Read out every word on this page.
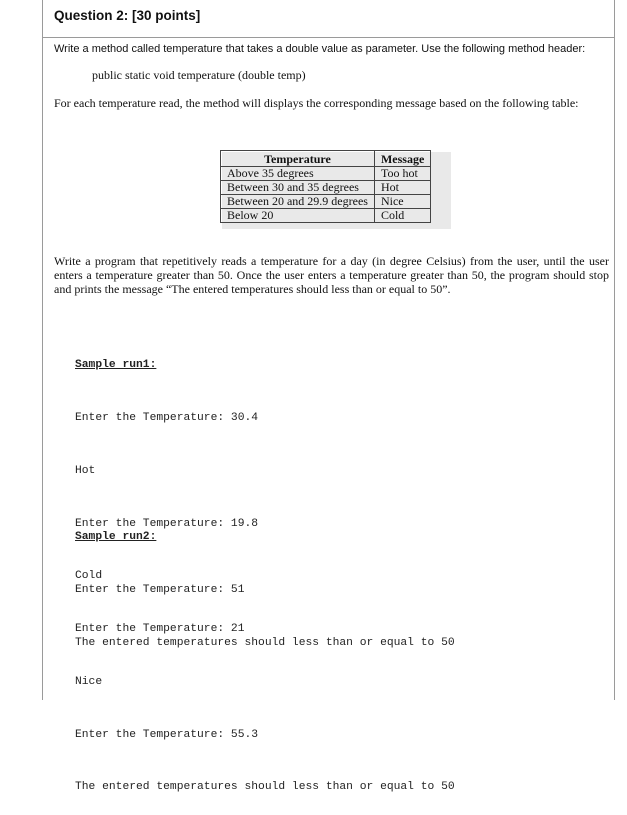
Question 2: [30 points]
Write a method called temperature that takes a double value as parameter. Use the following method header:
public static void temperature (double temp)
For each temperature read, the method will displays the corresponding message based on the following table:
Temperature	Message
Above 35 degrees	Too hot
Between 30 and 35 degrees	Hot
Between 20 and 29.9 degrees	Nice
Below 20	Cold
Write a program that repetitively reads a temperature for a day (in degree Celsius) from the user, until the user enters a temperature greater than 50. Once the user enters a temperature greater than 50, the program should stop and prints the message “The entered temperatures should less than or equal to 50”.

Sample run1:

Enter the Temperature: 30.4

Hot

Enter the Temperature: 19.8

Cold

Enter the Temperature: 21

Nice

Enter the Temperature: 55.3

The entered temperatures should less than or equal to 50

Sample run2:

Enter the Temperature: 51

The entered temperatures should less than or equal to 50
